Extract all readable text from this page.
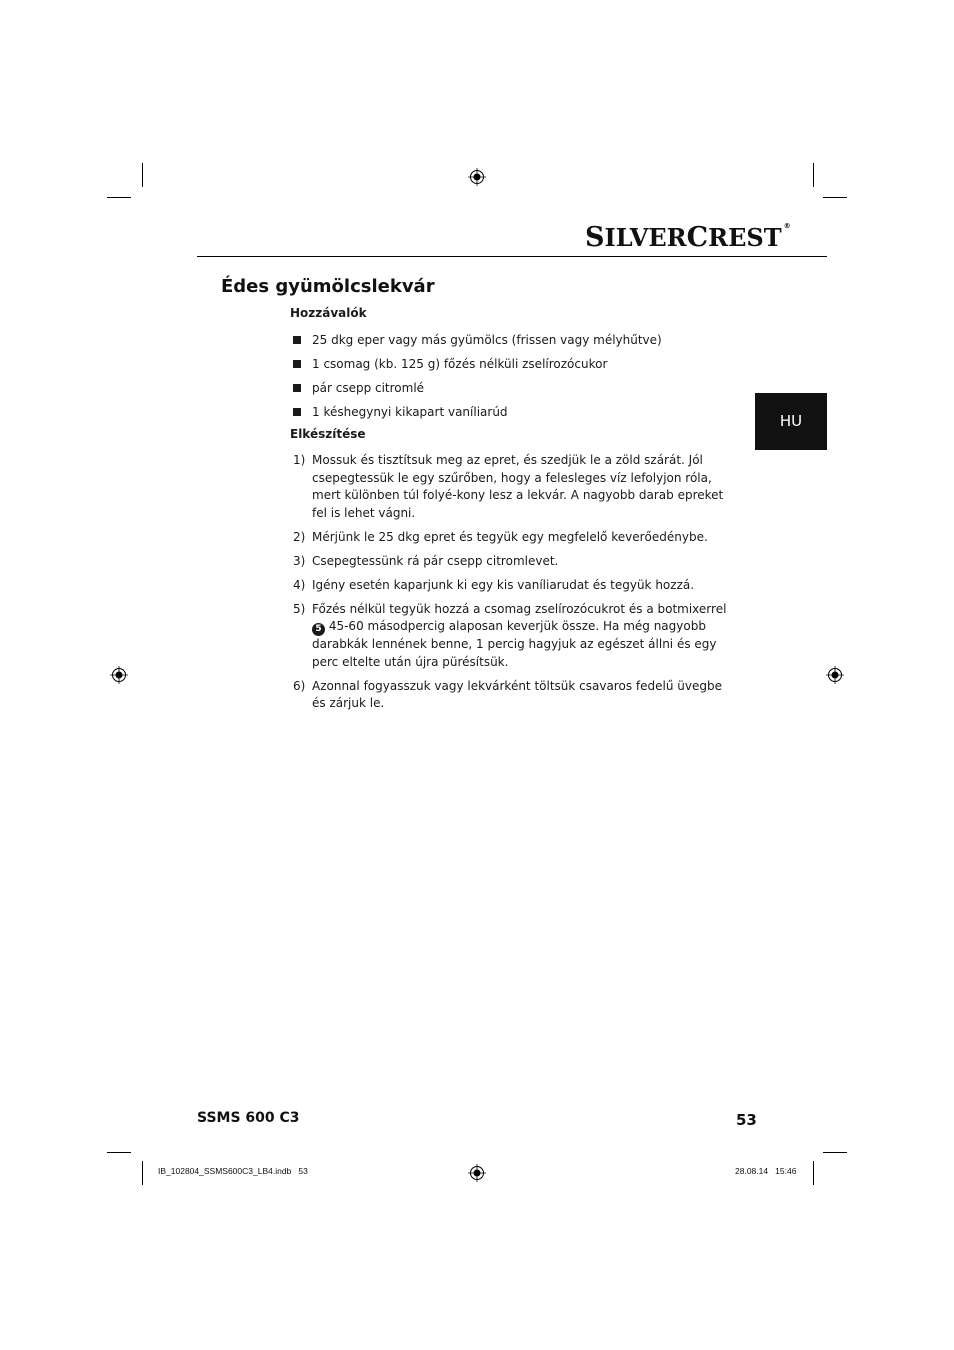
SILVERCREST ®
HU
Édes gyümölcslekvár
Hozzávalók
25 dkg eper vagy más gyümölcs (frissen vagy mélyhűtve)
1 csomag (kb. 125 g) főzés nélküli zselírozócukor
pár csepp citromlé
1 késhegynyi kikapart vaníliarúd
Elkészítése
1) Mossuk és tisztítsuk meg az epret, és szedjük le a zöld szárát. Jól csepegtessük le egy szűrőben, hogy a felesleges víz lefolyjon róla, mert különben túl folyé-kony lesz a lekvár. A nagyobb darab epreket fel is lehet vágni.
2) Mérjünk le 25 dkg epret és tegyük egy megfelelő keverőedénybe.
3) Csepegtessünk rá pár csepp citromlevet.
4) Igény esetén kaparjunk ki egy kis vaníliarudat és tegyük hozzá.
5) Főzés nélkül tegyük hozzá a csomag zselírozócukrot és a botmixerrel 5 45-60 másodpercig alaposan keverjük össze. Ha még nagyobb darabkák lennének benne, 1 percig hagyjuk az egészet állni és egy perc eltelte után újra pürésítsük.
6) Azonnal fogyasszuk vagy lekvárként töltsük csavaros fedelű üvegbe és zárjuk le.
SSMS 600 C3	53
IB_102804_SSMS600C3_LB4.indb   53	28.08.14   15:46
